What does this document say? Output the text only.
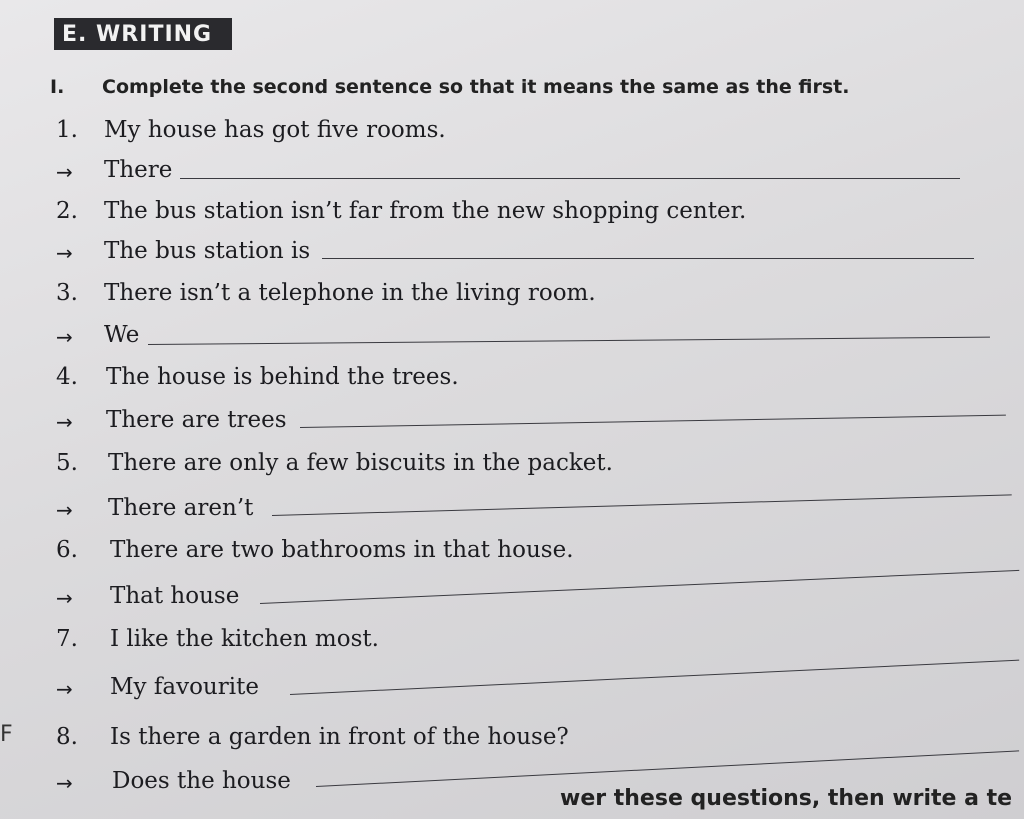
E. WRITING
I. Complete the second sentence so that it means the same as the first.
1. My house has got five rooms.
→ There
2. The bus station isn’t far from the new shopping center.
→ The bus station is
3. There isn’t a telephone in the living room.
→ We
4. The house is behind the trees.
→ There are trees
5. There are only a few biscuits in the packet.
→ There aren’t
6. There are two bathrooms in that house.
→ That house
7. I like the kitchen most.
→ My favourite
F 8. Is there a garden in front of the house?
→ Does the house
wer these questions, then write a te
